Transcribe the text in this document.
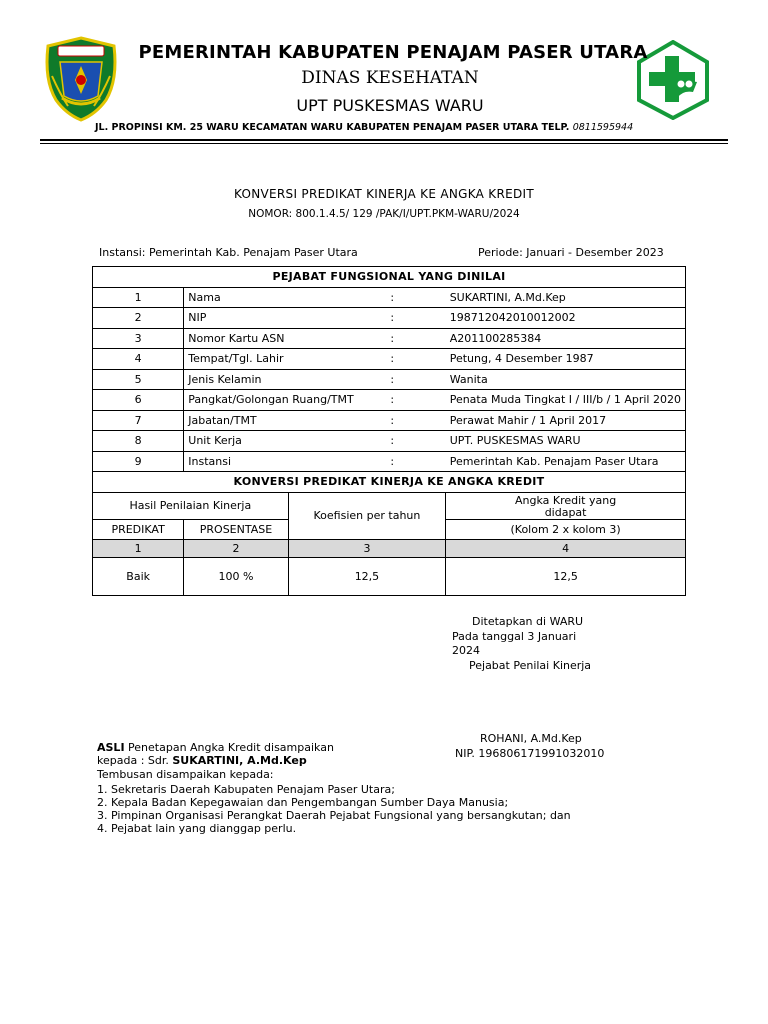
PEMERINTAH KABUPATEN PENAJAM PASER UTARA
DINAS KESEHATAN
UPT PUSKESMAS WARU
JL. PROPINSI KM. 25 WARU KECAMATAN WARU KABUPATEN PENAJAM PASER UTARA TELP. 0811595944
KONVERSI PREDIKAT KINERJA KE ANGKA KREDIT
NOMOR: 800.1.4.5/ 129 /PAK/I/UPT.PKM-WARU/2024
Instansi: Pemerintah Kab. Penajam Paser Utara	Periode: Januari - Desember 2023
PEJABAT FUNGSIONAL YANG DINILAI				
1	Nama		:	SUKARTINI, A.Md.Kep
2	NIP		:	198712042010012002
3	Nomor Kartu ASN		:	A201100285384
4	Tempat/Tgl. Lahir		:	Petung, 4 Desember 1987
5	Jenis Kelamin		:	Wanita
6	Pangkat/Golongan Ruang/TMT		:	Penata Muda Tingkat I / III/b / 1 April 2020
7	Jabatan/TMT		:	Perawat Mahir / 1 April 2017
8	Unit Kerja		:	UPT. PUSKESMAS WARU
9	Instansi		:	Pemerintah Kab. Penajam Paser Utara
KONVERSI PREDIKAT KINERJA KE ANGKA KREDIT				
Hasil Penilaian Kinerja		Koefisien per tahun		Angka Kredit yang
didapat

PREDIKAT	PROSENTASE			(Kolom 2 x kolom 3)
1	2	3		4
Baik	100 %	12,5		12,5
Ditetapkan di WARU
Pada tanggal 3 Januari
2024
Pejabat Penilai Kinerja
ROHANI, A.Md.Kep
NIP. 196806171991032010
ASLI Penetapan Angka Kredit disampaikan
kepada : Sdr. SUKARTINI, A.Md.Kep
Tembusan disampaikan kepada:
1. Sekretaris Daerah Kabupaten Penajam Paser Utara;
2. Kepala Badan Kepegawaian dan Pengembangan Sumber Daya Manusia;
3. Pimpinan Organisasi Perangkat Daerah Pejabat Fungsional yang bersangkutan; dan
4. Pejabat lain yang dianggap perlu.
